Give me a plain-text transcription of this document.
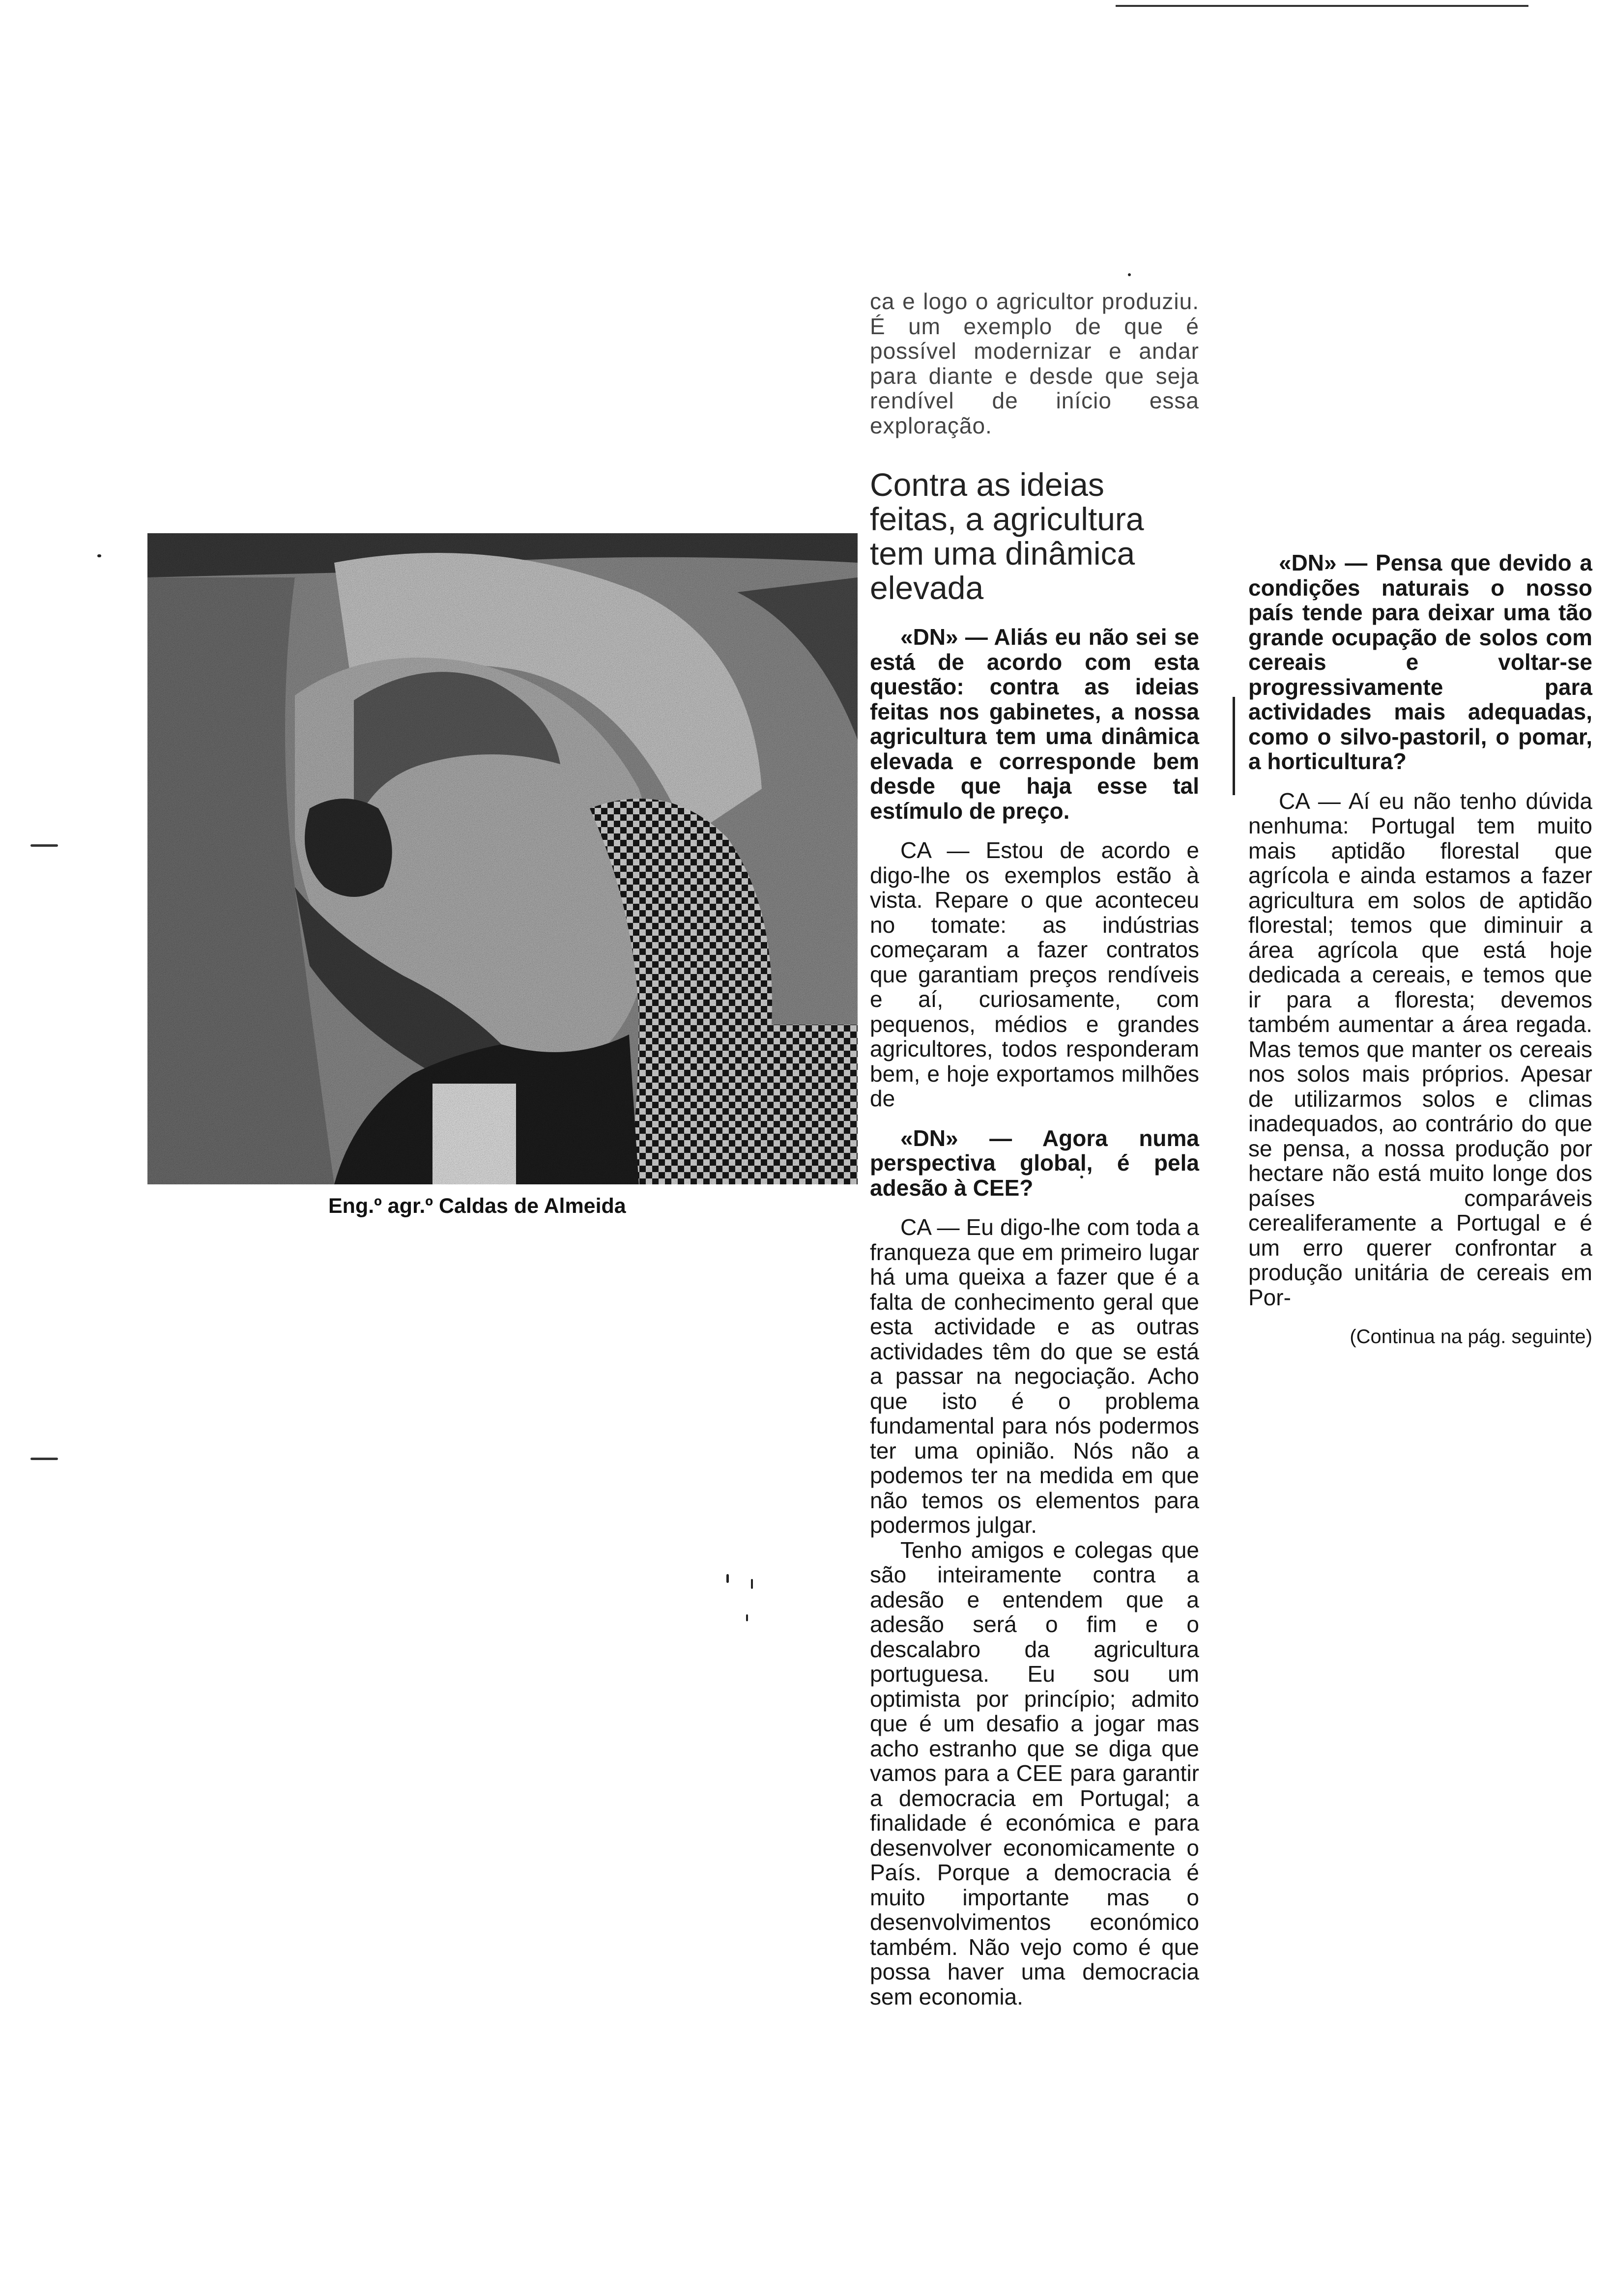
Eng.º agr.º Caldas de Almeida

ca e logo o agricultor produziu. É um exemplo de que é possível modernizar e andar para diante e desde que seja rendível de início essa exploração.

Contra as ideias feitas, a agricultura tem uma dinâmica elevada

«DN» — Aliás eu não sei se está de acordo com esta questão: contra as ideias feitas nos gabinetes, a nossa agricultura tem uma dinâmica elevada e corresponde bem desde que haja esse tal estímulo de preço.

CA — Estou de acordo e digo-lhe os exemplos estão à vista. Repare o que aconteceu no tomate: as indústrias começaram a fazer contratos que garantiam preços rendíveis e aí, curiosamente, com pequenos, médios e grandes agricultores, todos responderam bem, e hoje exportamos milhões de

«DN» — Agora numa perspectiva global, é pela adesão à CEE?

CA — Eu digo-lhe com toda a franqueza que em primeiro lugar há uma queixa a fazer que é a falta de conhecimento geral que esta actividade e as outras actividades têm do que se está a passar na negociação. Acho que isto é o problema fundamental para nós podermos ter uma opinião. Nós não a podemos ter na medida em que não temos os elementos para podermos julgar.

Tenho amigos e colegas que são inteiramente contra a adesão e entendem que a adesão será o fim e o descalabro da agricultura portuguesa. Eu sou um optimista por princípio; admito que é um desafio a jogar mas acho estranho que se diga que vamos para a CEE para garantir a democracia em Portugal; a finalidade é económica e para desenvolver economicamente o País. Porque a democracia é muito importante mas o desenvolvimentos económico também. Não vejo como é que possa haver uma democracia sem economia.

«DN» — Pensa que devido a condições naturais o nosso país tende para deixar uma tão grande ocupação de solos com cereais e voltar-se progressivamente para actividades mais adequadas, como o silvo-pastoril, o pomar, a horticultura?

CA — Aí eu não tenho dúvida nenhuma: Portugal tem muito mais aptidão florestal que agrícola e ainda estamos a fazer agricultura em solos de aptidão florestal; temos que diminuir a área agrícola que está hoje dedicada a cereais, e temos que ir para a floresta; devemos também aumentar a área regada. Mas temos que manter os cereais nos solos mais próprios. Apesar de utilizarmos solos e climas inadequados, ao contrário do que se pensa, a nossa produção por hectare não está muito longe dos países comparáveis cerealiferamente a Portugal e é um erro querer confrontar a produção unitária de cereais em Por-

(Continua na pág. seguinte)
